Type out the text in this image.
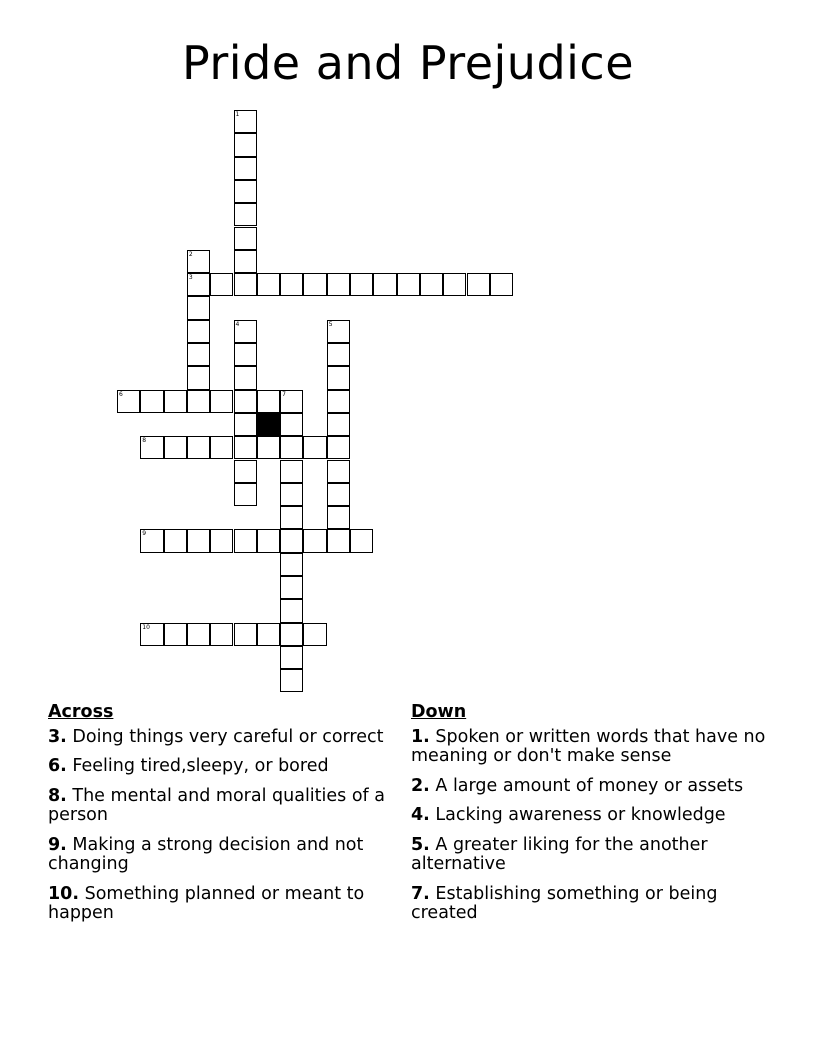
Pride and Prejudice
1
2
3
4	5
6	7
8
9
10
Across
3. Doing things very careful or correct
6. Feeling tired,sleepy, or bored
8. The mental and moral qualities of a person
9. Making a strong decision and not changing
10. Something planned or meant to happen
Down
1. Spoken or written words that have no meaning or don't make sense
2. A large amount of money or assets
4. Lacking awareness or knowledge
5. A greater liking for the another alternative
7. Establishing something or being created
